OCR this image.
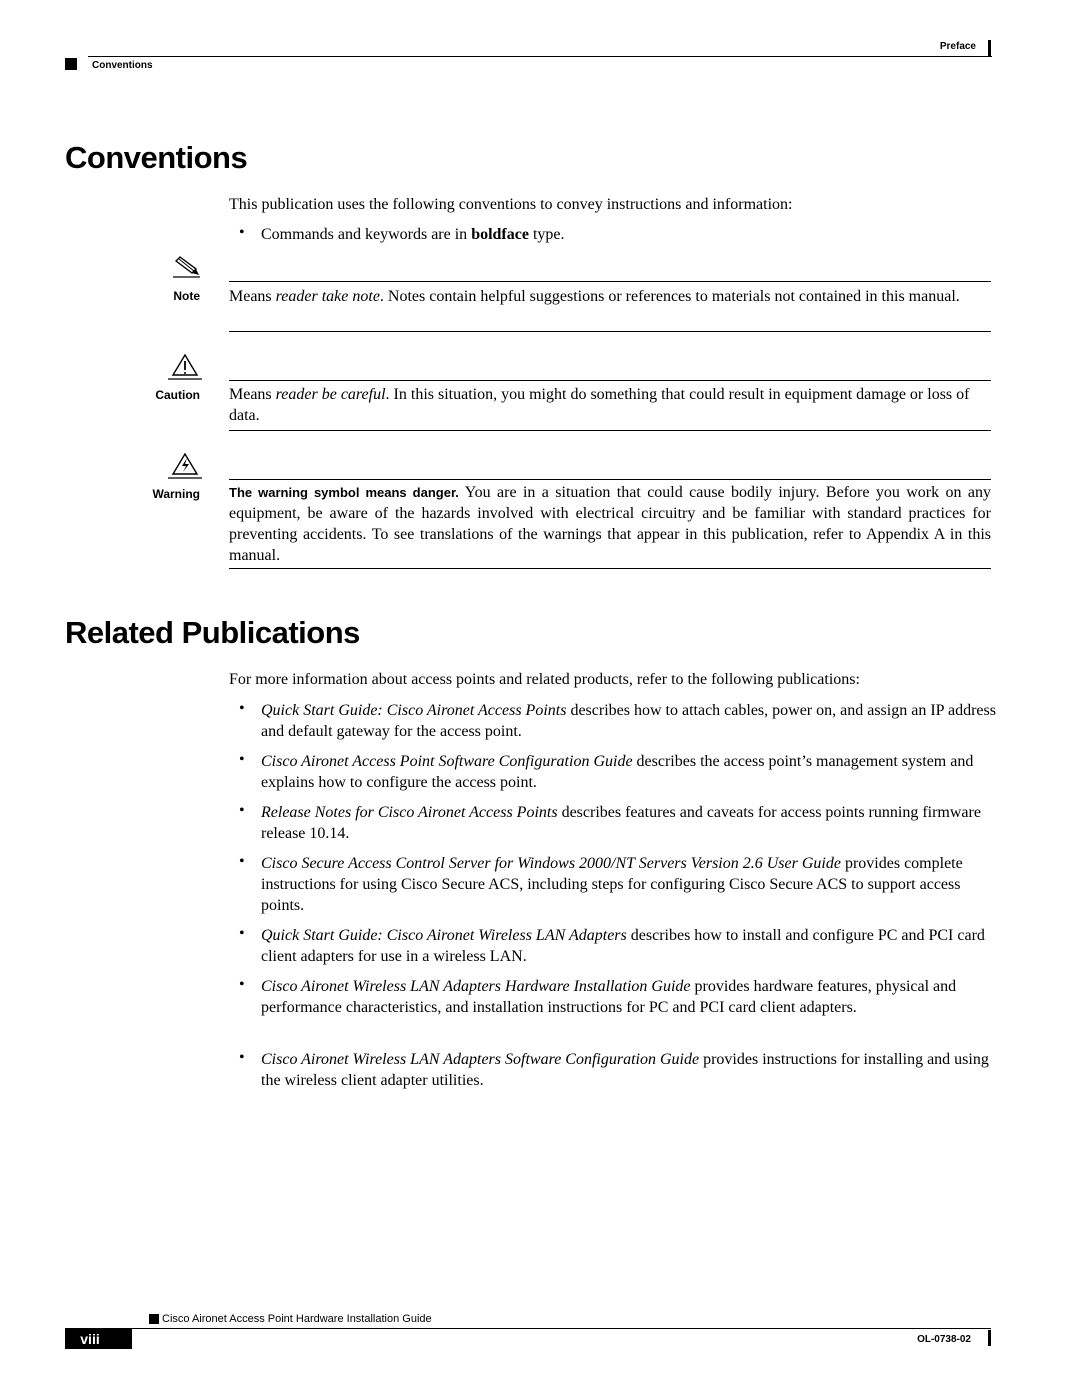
Preface
Conventions
Conventions
This publication uses the following conventions to convey instructions and information:
• Commands and keywords are in boldface type.
Note Means reader take note. Notes contain helpful suggestions or references to materials not contained in this manual.
Caution Means reader be careful. In this situation, you might do something that could result in equipment damage or loss of data.
Warning The warning symbol means danger. You are in a situation that could cause bodily injury. Before you work on any equipment, be aware of the hazards involved with electrical circuitry and be familiar with standard practices for preventing accidents. To see translations of the warnings that appear in this publication, refer to Appendix A in this manual.
Related Publications
For more information about access points and related products, refer to the following publications:
• Quick Start Guide: Cisco Aironet Access Points describes how to attach cables, power on, and assign an IP address and default gateway for the access point.
• Cisco Aironet Access Point Software Configuration Guide describes the access point’s management system and explains how to configure the access point.
• Release Notes for Cisco Aironet Access Points describes features and caveats for access points running firmware release 10.14.
• Cisco Secure Access Control Server for Windows 2000/NT Servers Version 2.6 User Guide provides complete instructions for using Cisco Secure ACS, including steps for configuring Cisco Secure ACS to support access points.
• Quick Start Guide: Cisco Aironet Wireless LAN Adapters describes how to install and configure PC and PCI card client adapters for use in a wireless LAN.
• Cisco Aironet Wireless LAN Adapters Hardware Installation Guide provides hardware features, physical and performance characteristics, and installation instructions for PC and PCI card client adapters.
• Cisco Aironet Wireless LAN Adapters Software Configuration Guide provides instructions for installing and using the wireless client adapter utilities.
Cisco Aironet Access Point Hardware Installation Guide
viii	OL-0738-02
